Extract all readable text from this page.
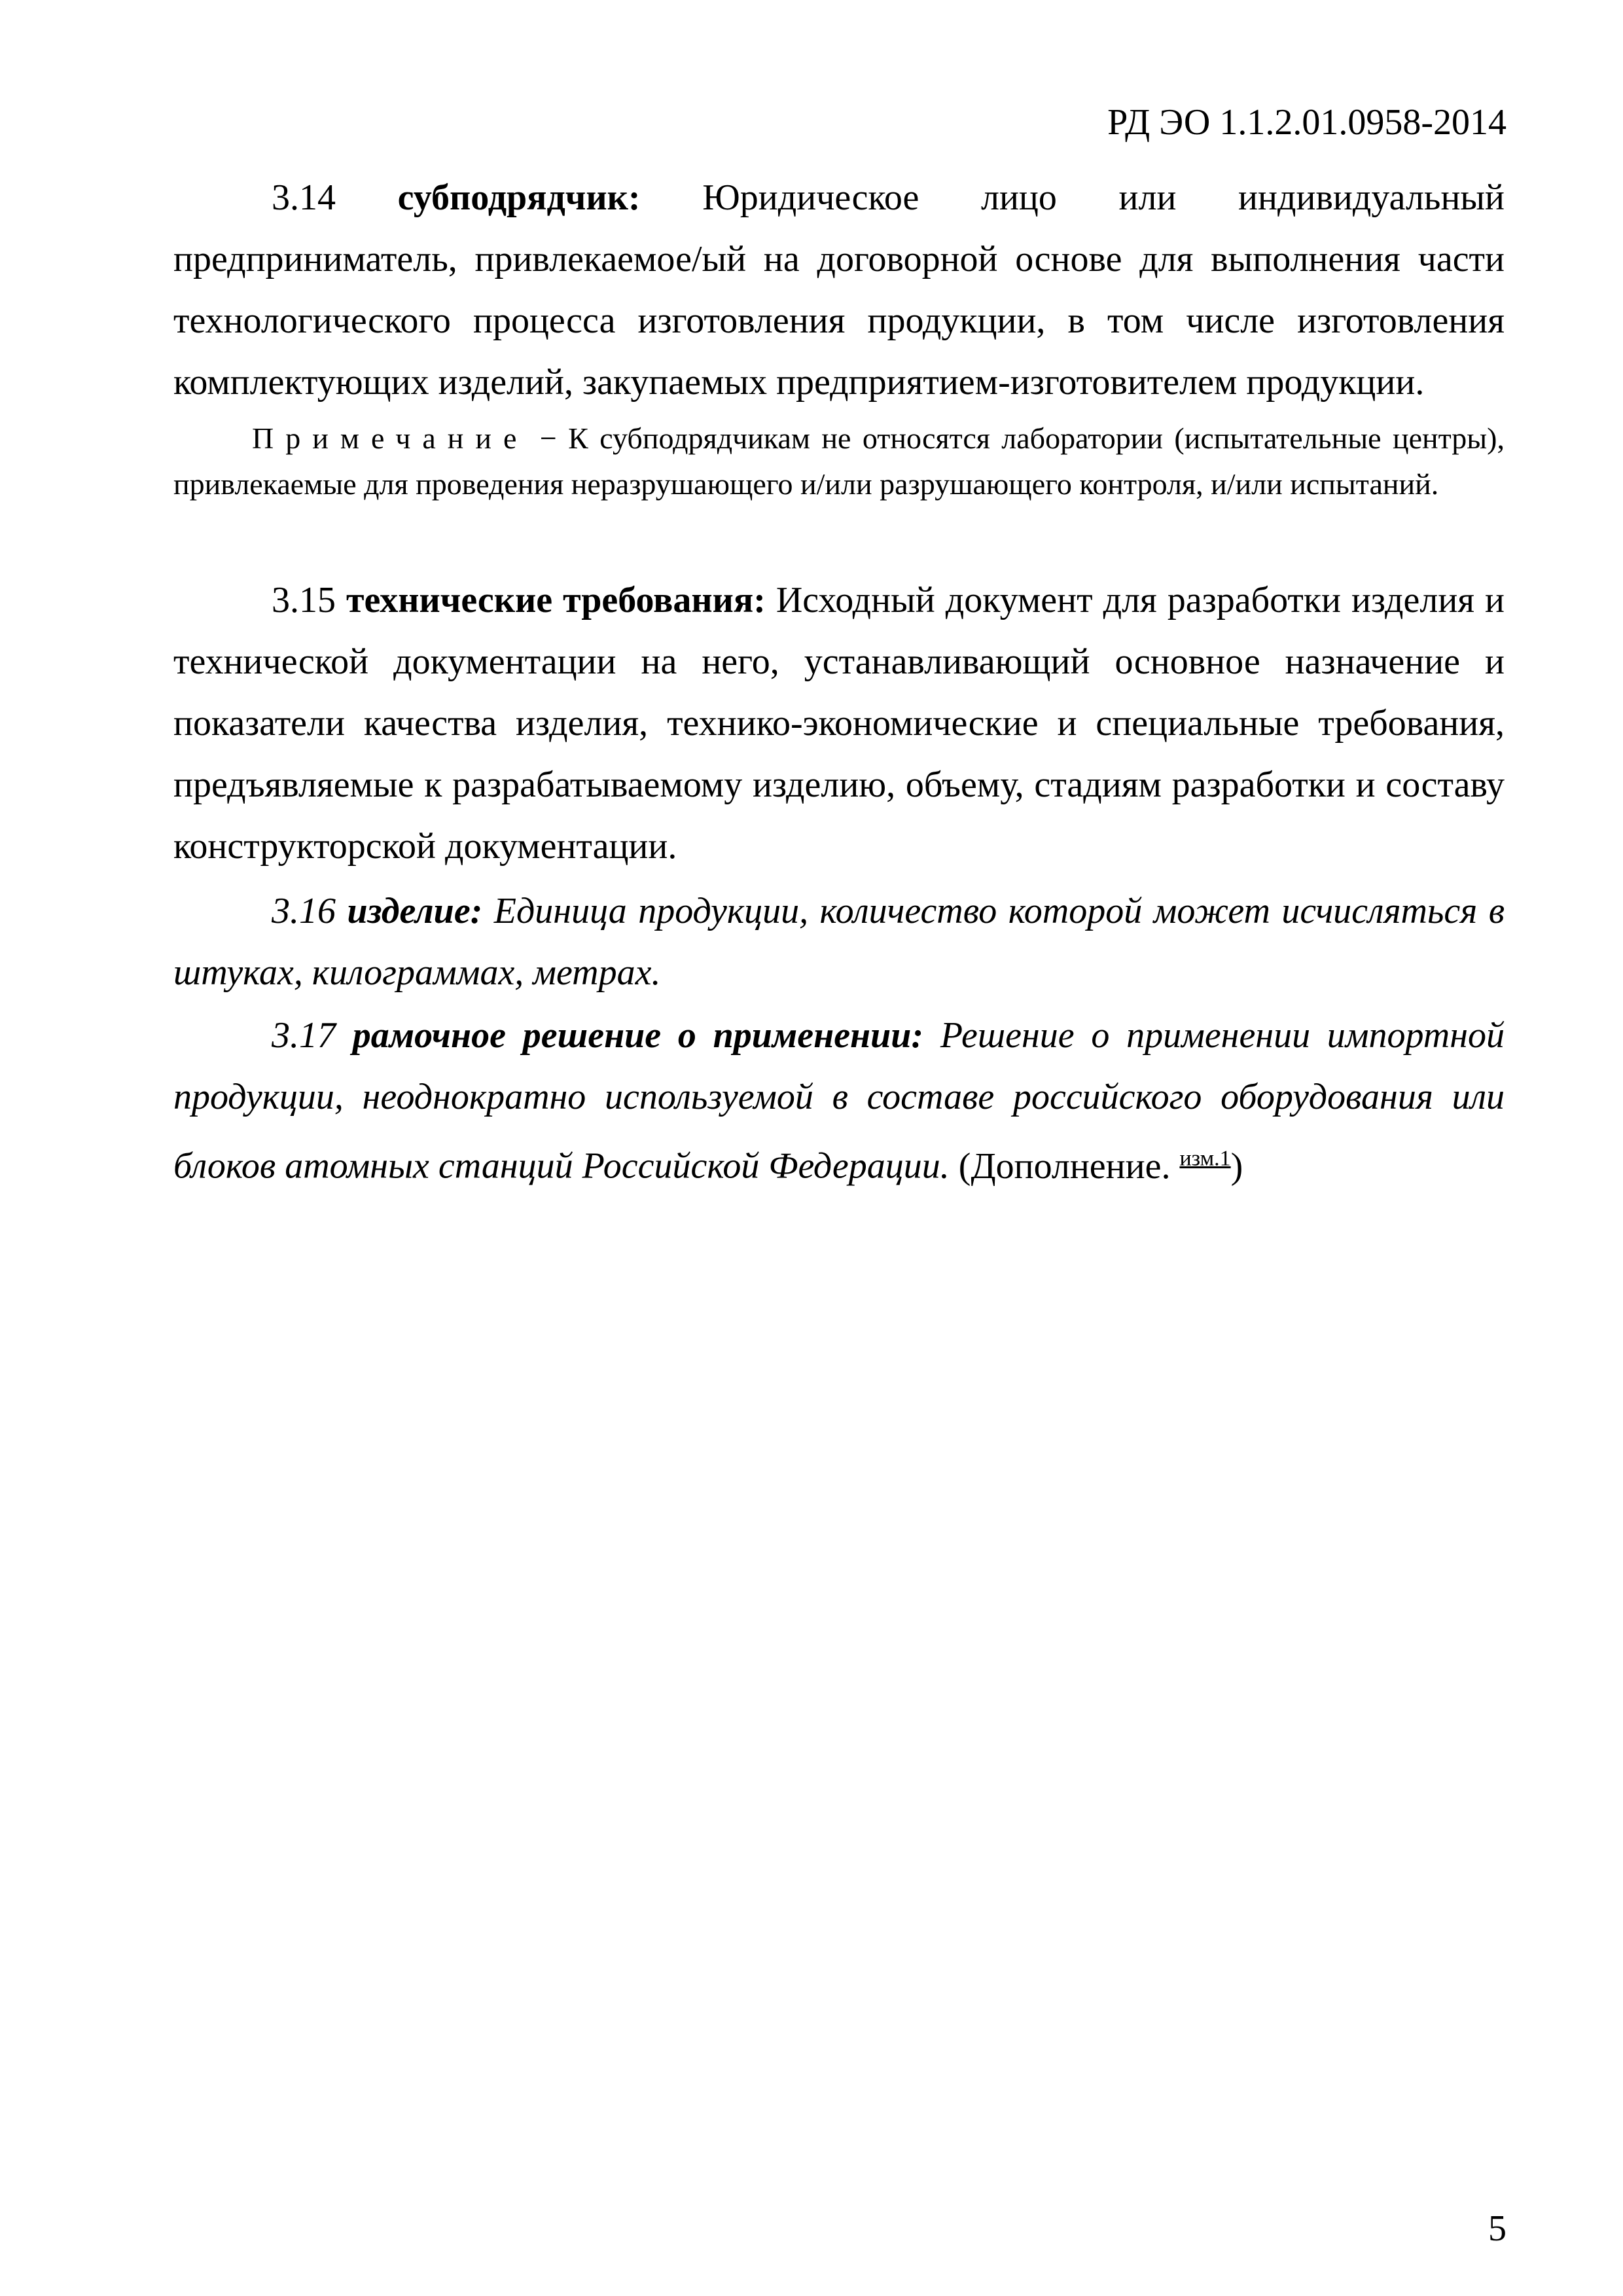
РД ЭО 1.1.2.01.0958-2014

3.14 субподрядчик: Юридическое лицо или индивидуальный предприниматель, привлекаемое/ый на договорной основе для выполнения части технологического процесса изготовления продукции, в том числе изготовления комплектующих изделий, закупаемых предприятием-изготовителем продукции.

Примечание − К субподрядчикам не относятся лаборатории (испытательные центры), привлекаемые для проведения неразрушающего и/или разрушающего контроля, и/или испытаний.

3.15 технические требования: Исходный документ для разработки изделия и технической документации на него, устанавливающий основное назначение и показатели качества изделия, технико-экономические и специальные требования, предъявляемые к разрабатываемому изделию, объему, стадиям разработки и составу конструкторской документации.

3.16 изделие: Единица продукции, количество которой может исчисляться в штуках, килограммах, метрах.

3.17 рамочное решение о применении: Решение о применении импортной продукции, неоднократно используемой в составе российского оборудования или блоков атомных станций Российской Федерации. (Дополнение. $^{изм.1}$)

5
